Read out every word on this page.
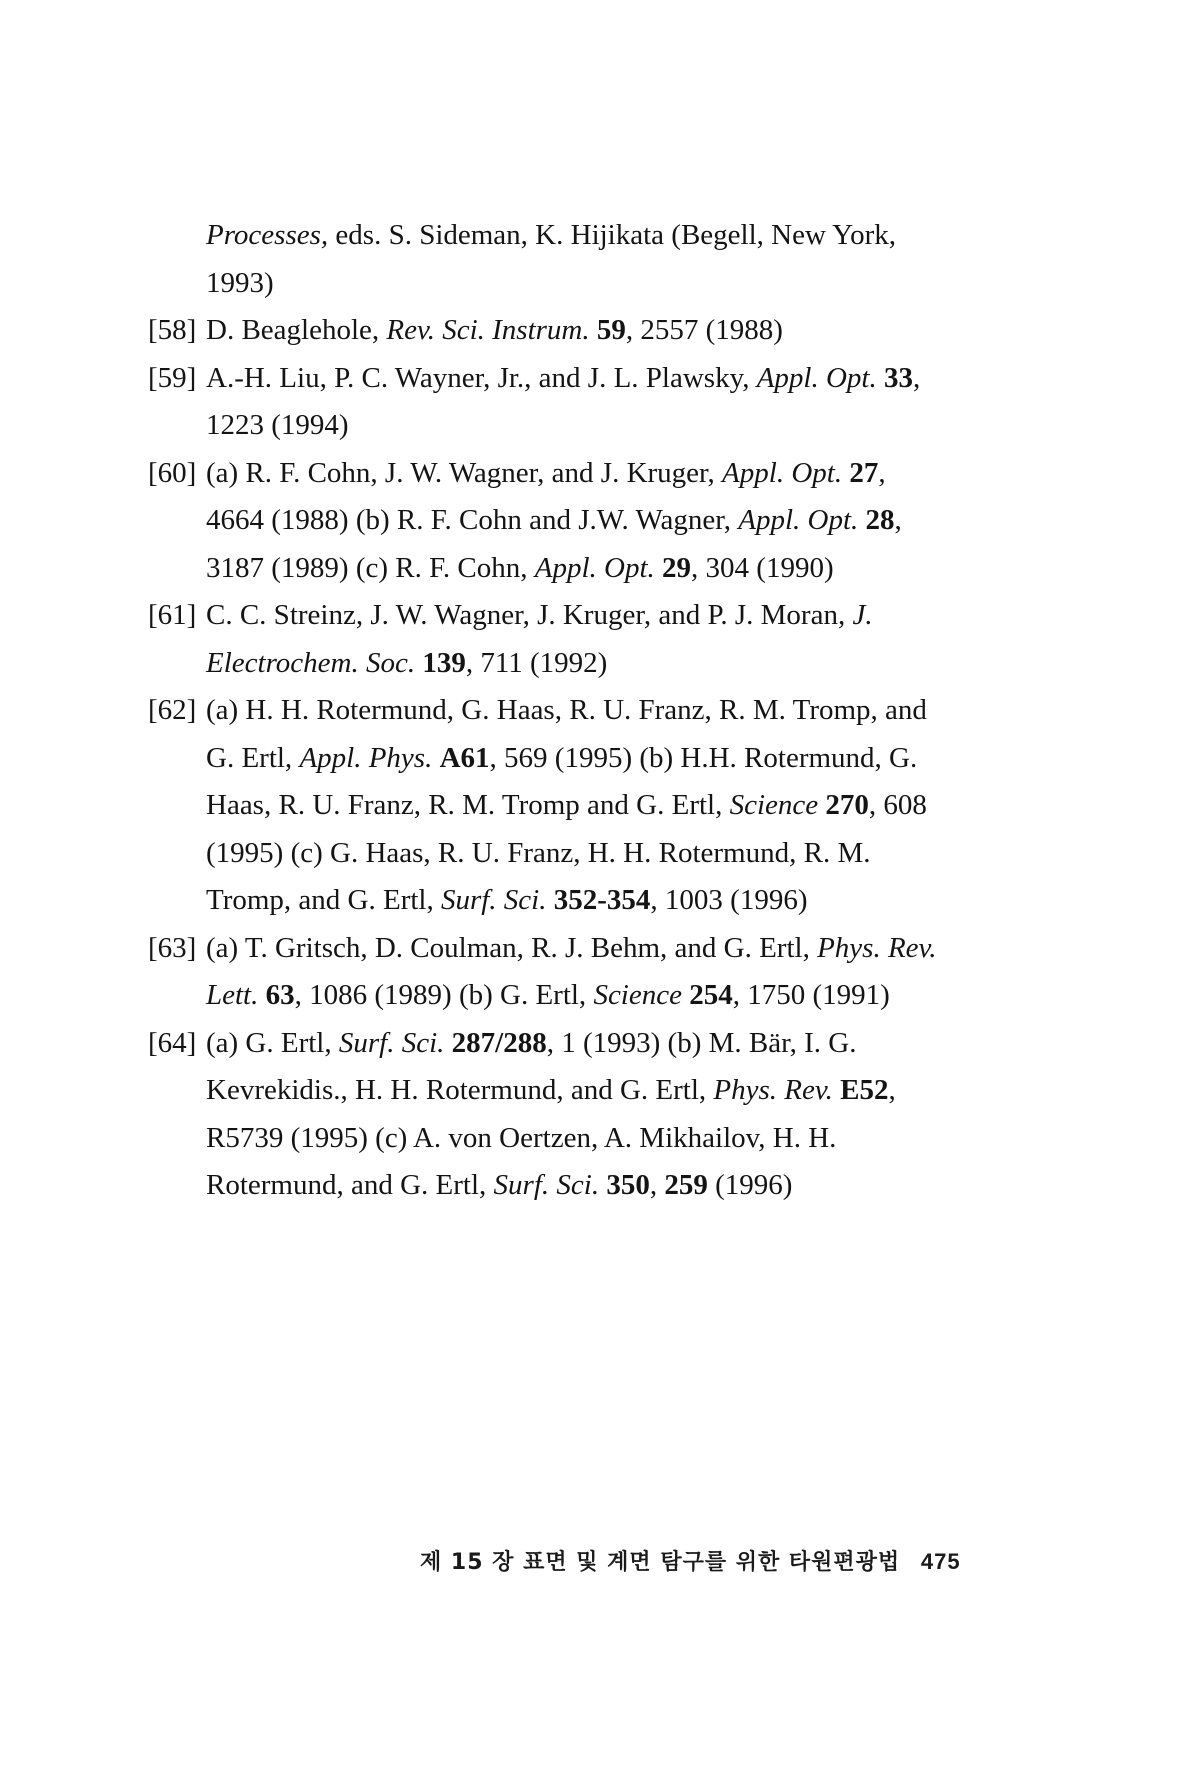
Processes, eds. S. Sideman, K. Hijikata (Begell, New York,
1993)
[58] D. Beaglehole, Rev. Sci. Instrum.
59 , 2557 (1988)
[59] A.-H. Liu, P. C. Wayner, Jr., and J. L. Plawsky, Appl. Opt.
33 ,
1223 (1994)
[60] (a) R. F. Cohn, J. W. Wagner, and J. Kruger, Appl. Opt.
27 ,
4664 (1988) (b) R. F. Cohn and J.W. Wagner, Appl. Opt.
28 ,
3187 (1989) (c) R. F. Cohn, Appl. Opt.
29 , 304 (1990)
[61] C. C. Streinz, J. W. Wagner, J. Kruger, and P. J. Moran, J.
Electrochem. Soc.
139 , 711 (1992)
[62] (a) H. H. Rotermund, G. Haas, R. U. Franz, R. M. Tromp, and
G. Ertl, Appl. Phys.
A61 , 569 (1995) (b) H.H. Rotermund, G.
Haas, R. U. Franz, R. M. Tromp and G. Ertl, Science
270 , 608
(1995) (c) G. Haas, R. U. Franz, H. H. Rotermund, R. M.
Tromp, and G. Ertl, Surf. Sci.
352-354 , 1003 (1996)
[63] (a) T. Gritsch, D. Coulman, R. J. Behm, and G. Ertl, Phys. Rev.
Lett.
63 , 1086 (1989) (b) G. Ertl, Science
254 , 1750 (1991)
[64] (a) G. Ertl, Surf. Sci.
287/288 , 1 (1993) (b) M. Bär, I. G.
Kevrekidis., H. H. Rotermund, and G. Ertl, Phys. Rev.
E52 ,
R5739 (1995) (c) A. von Oertzen, A. Mikhailov, H. H.
Rotermund, and G. Ertl, Surf. Sci.
350 , 259 (1996)
제 15 장 표면 및 계면 탐구를 위한 타원편광법 475
